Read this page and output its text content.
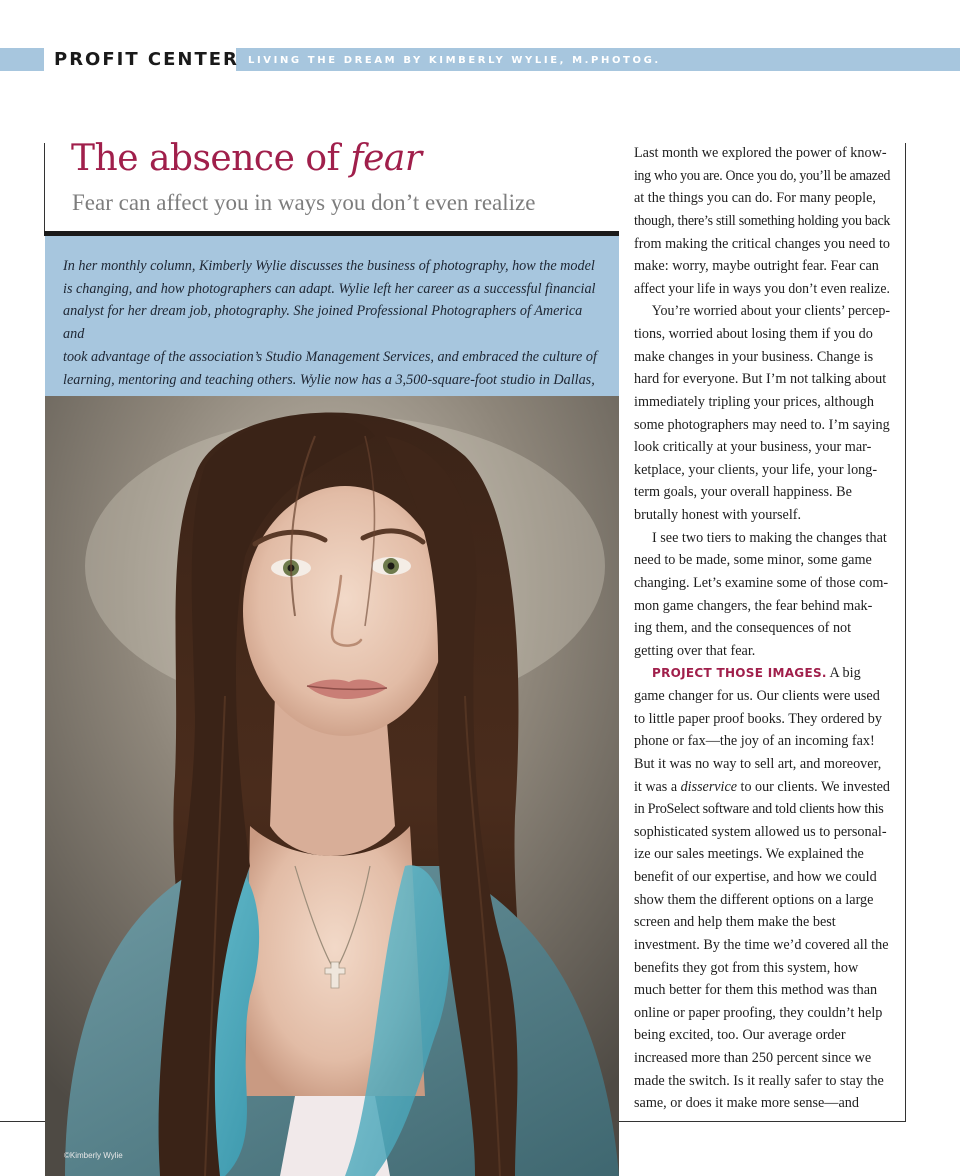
PROFIT CENTER LIVING THE DREAM BY KIMBERLY WYLIE, M.PHOTOG.
The absence of fear
Fear can affect you in ways you don’t even realize

In her monthly column, Kimberly Wylie discusses the business of photography, how the model
is changing, and how photographers can adapt. Wylie left her career as a successful financial
analyst for her dream job, photography. She joined Professional Photographers of America and
took advantage of the association’s Studio Management Services, and embraced the culture of
learning, mentoring and teaching others. Wylie now has a 3,500-square-foot studio in Dallas,

©Kimberly Wylie

Last month we explored the power of know-
ing who you are. Once you do, you’ll be amazed
at the things you can do. For many people,
though, there’s still something holding you back
from making the critical changes you need to
make: worry, maybe outright fear. Fear can
affect your life in ways you don’t even realize.

You’re worried about your clients’ percep-
tions, worried about losing them if you do
make changes in your business. Change is
hard for everyone. But I’m not talking about
immediately tripling your prices, although
some photographers may need to. I’m saying
look critically at your business, your mar-
ketplace, your clients, your life, your long-
term goals, your overall happiness. Be
brutally honest with yourself.

I see two tiers to making the changes that
need to be made, some minor, some game
changing. Let’s examine some of those com-
mon game changers, the fear behind mak-
ing them, and the consequences of not
getting over that fear.

PROJECT THOSE IMAGES. A big
game changer for us. Our clients were used
to little paper proof books. They ordered by
phone or fax—the joy of an incoming fax!
But it was no way to sell art, and moreover,
it was a disservice to our clients. We invested
in ProSelect software and told clients how this
sophisticated system allowed us to personal-
ize our sales meetings. We explained the
benefit of our expertise, and how we could
show them the different options on a large
screen and help them make the best
investment. By the time we’d covered all the
benefits they got from this system, how
much better for them this method was than
online or paper proofing, they couldn’t help
being excited, too. Our average order
increased more than 250 percent since we
made the switch. Is it really safer to stay the
same, or does it make more sense—and
